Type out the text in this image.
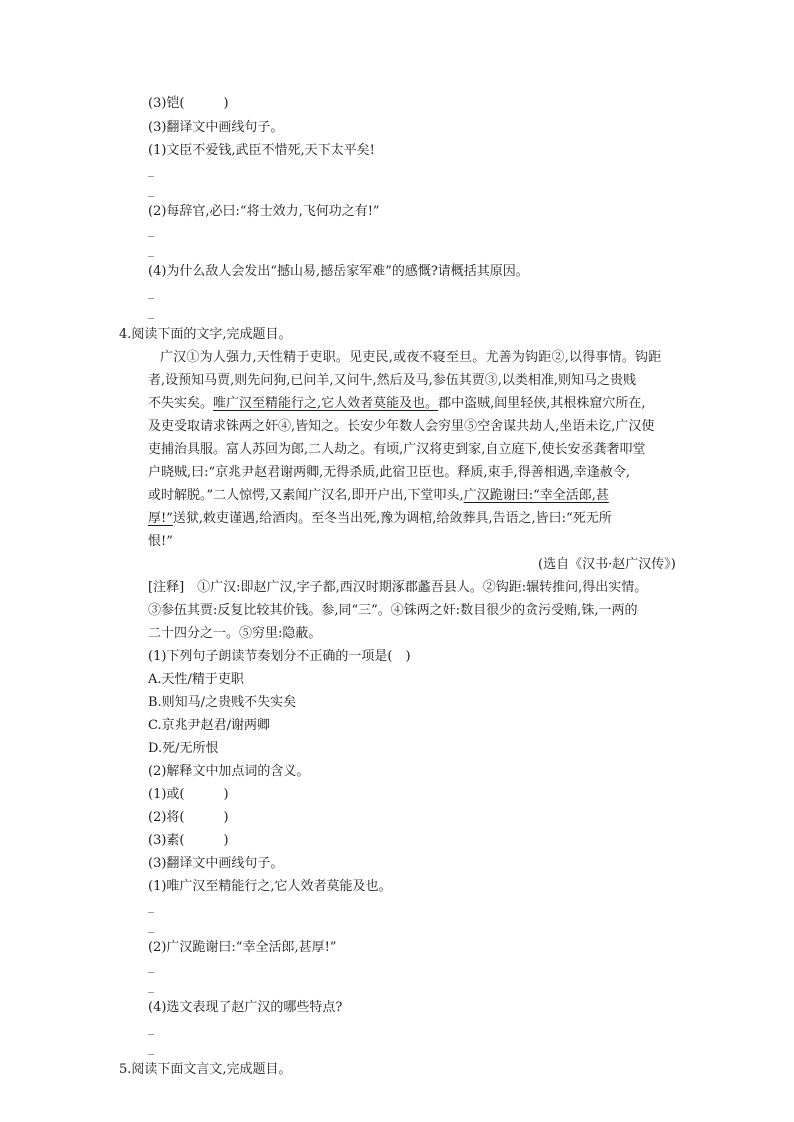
(3)铠(　　　)
(3)翻译文中画线句子。
(1)文臣不爱钱,武臣不惜死,天下太平矣!
(2)每辞官,必曰:“将士效力,飞何功之有!”
(4)为什么敌人会发出“撼山易,撼岳家军难”的感慨?请概括其原因。
4.阅读下面的文字,完成题目。
广汉①为人强力,天性精于吏职。见吏民,或夜不寝至旦。尤善为钩距②,以得事情。钩距
者,设预知马贾,则先问狗,已问羊,又问牛,然后及马,参伍其贾③,以类相准,则知马之贵贱
不失实矣。唯广汉至精能行之,它人效者莫能及也。郡中盗贼,闾里轻侠,其根株窟穴所在,
及吏受取请求铢两之奸④,皆知之。长安少年数人会穷里⑤空舍谋共劫人,坐语未讫,广汉使
吏捕治具服。富人苏回为郎,二人劫之。有顷,广汉将吏到家,自立庭下,使长安丞龚奢叩堂
户晓贼,曰:“京兆尹赵君谢两卿,无得杀质,此宿卫臣也。释质,束手,得善相遇,幸逢赦令,
或时解脱。”二人惊愕,又素闻广汉名,即开户出,下堂叩头,广汉跪谢曰:“幸全活郎,甚
厚!”送狱,敕吏谨遇,给酒肉。至冬当出死,豫为调棺,给敛葬具,告语之,皆曰:“死无所
恨!”
(选自《汉书·赵广汉传》)
[注释]　①广汉:即赵广汉,字子都,西汉时期涿郡蠡吾县人。②钩距:辗转推问,得出实情。
③参伍其贾:反复比较其价钱。参,同“三”。④铢两之奸:数目很少的贪污受贿,铢,一两的
二十四分之一。⑤穷里:隐蔽。
(1)下列句子朗读节奏划分不正确的一项是(　)
A.天性/精于吏职
B.则知马/之贵贱不失实矣
C.京兆尹赵君/谢两卿
D.死/无所恨
(2)解释文中加点词的含义。
(1)或(　　　)
(2)将(　　　)
(3)素(　　　)
(3)翻译文中画线句子。
(1)唯广汉至精能行之,它人效者莫能及也。
(2)广汉跪谢曰:“幸全活郎,甚厚!”
(4)选文表现了赵广汉的哪些特点?
5.阅读下面文言文,完成题目。
